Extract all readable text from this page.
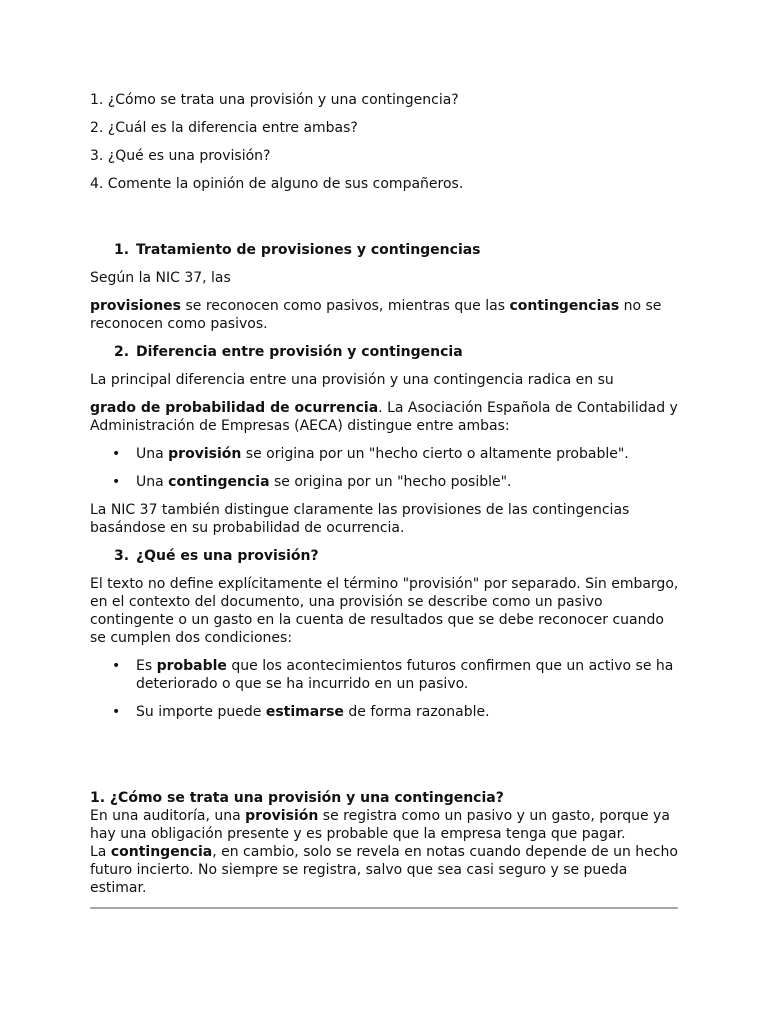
1. ¿Cómo se trata una provisión y una contingencia?

2. ¿Cuál es la diferencia entre ambas?

3. ¿Qué es una provisión?

4. Comente la opinión de alguno de sus compañeros.

1. Tratamiento de provisiones y contingencias

Según la NIC 37, las

provisiones se reconocen como pasivos, mientras que las contingencias no se reconocen como pasivos.

2. Diferencia entre provisión y contingencia

La principal diferencia entre una provisión y una contingencia radica en su

grado de probabilidad de ocurrencia. La Asociación Española de Contabilidad y Administración de Empresas (AECA) distingue entre ambas:

• Una provisión se origina por un "hecho cierto o altamente probable".
• Una contingencia se origina por un "hecho posible".

La NIC 37 también distingue claramente las provisiones de las contingencias basándose en su probabilidad de ocurrencia.

3. ¿Qué es una provisión?

El texto no define explícitamente el término "provisión" por separado. Sin embargo, en el contexto del documento, una provisión se describe como un pasivo contingente o un gasto en la cuenta de resultados que se debe reconocer cuando se cumplen dos condiciones:

• Es probable que los acontecimientos futuros confirmen que un activo se ha deteriorado o que se ha incurrido en un pasivo.
• Su importe puede estimarse de forma razonable.

1. ¿Cómo se trata una provisión y una contingencia?

En una auditoría, una provisión se registra como un pasivo y un gasto, porque ya hay una obligación presente y es probable que la empresa tenga que pagar.

La contingencia, en cambio, solo se revela en notas cuando depende de un hecho futuro incierto. No siempre se registra, salvo que sea casi seguro y se pueda estimar.
